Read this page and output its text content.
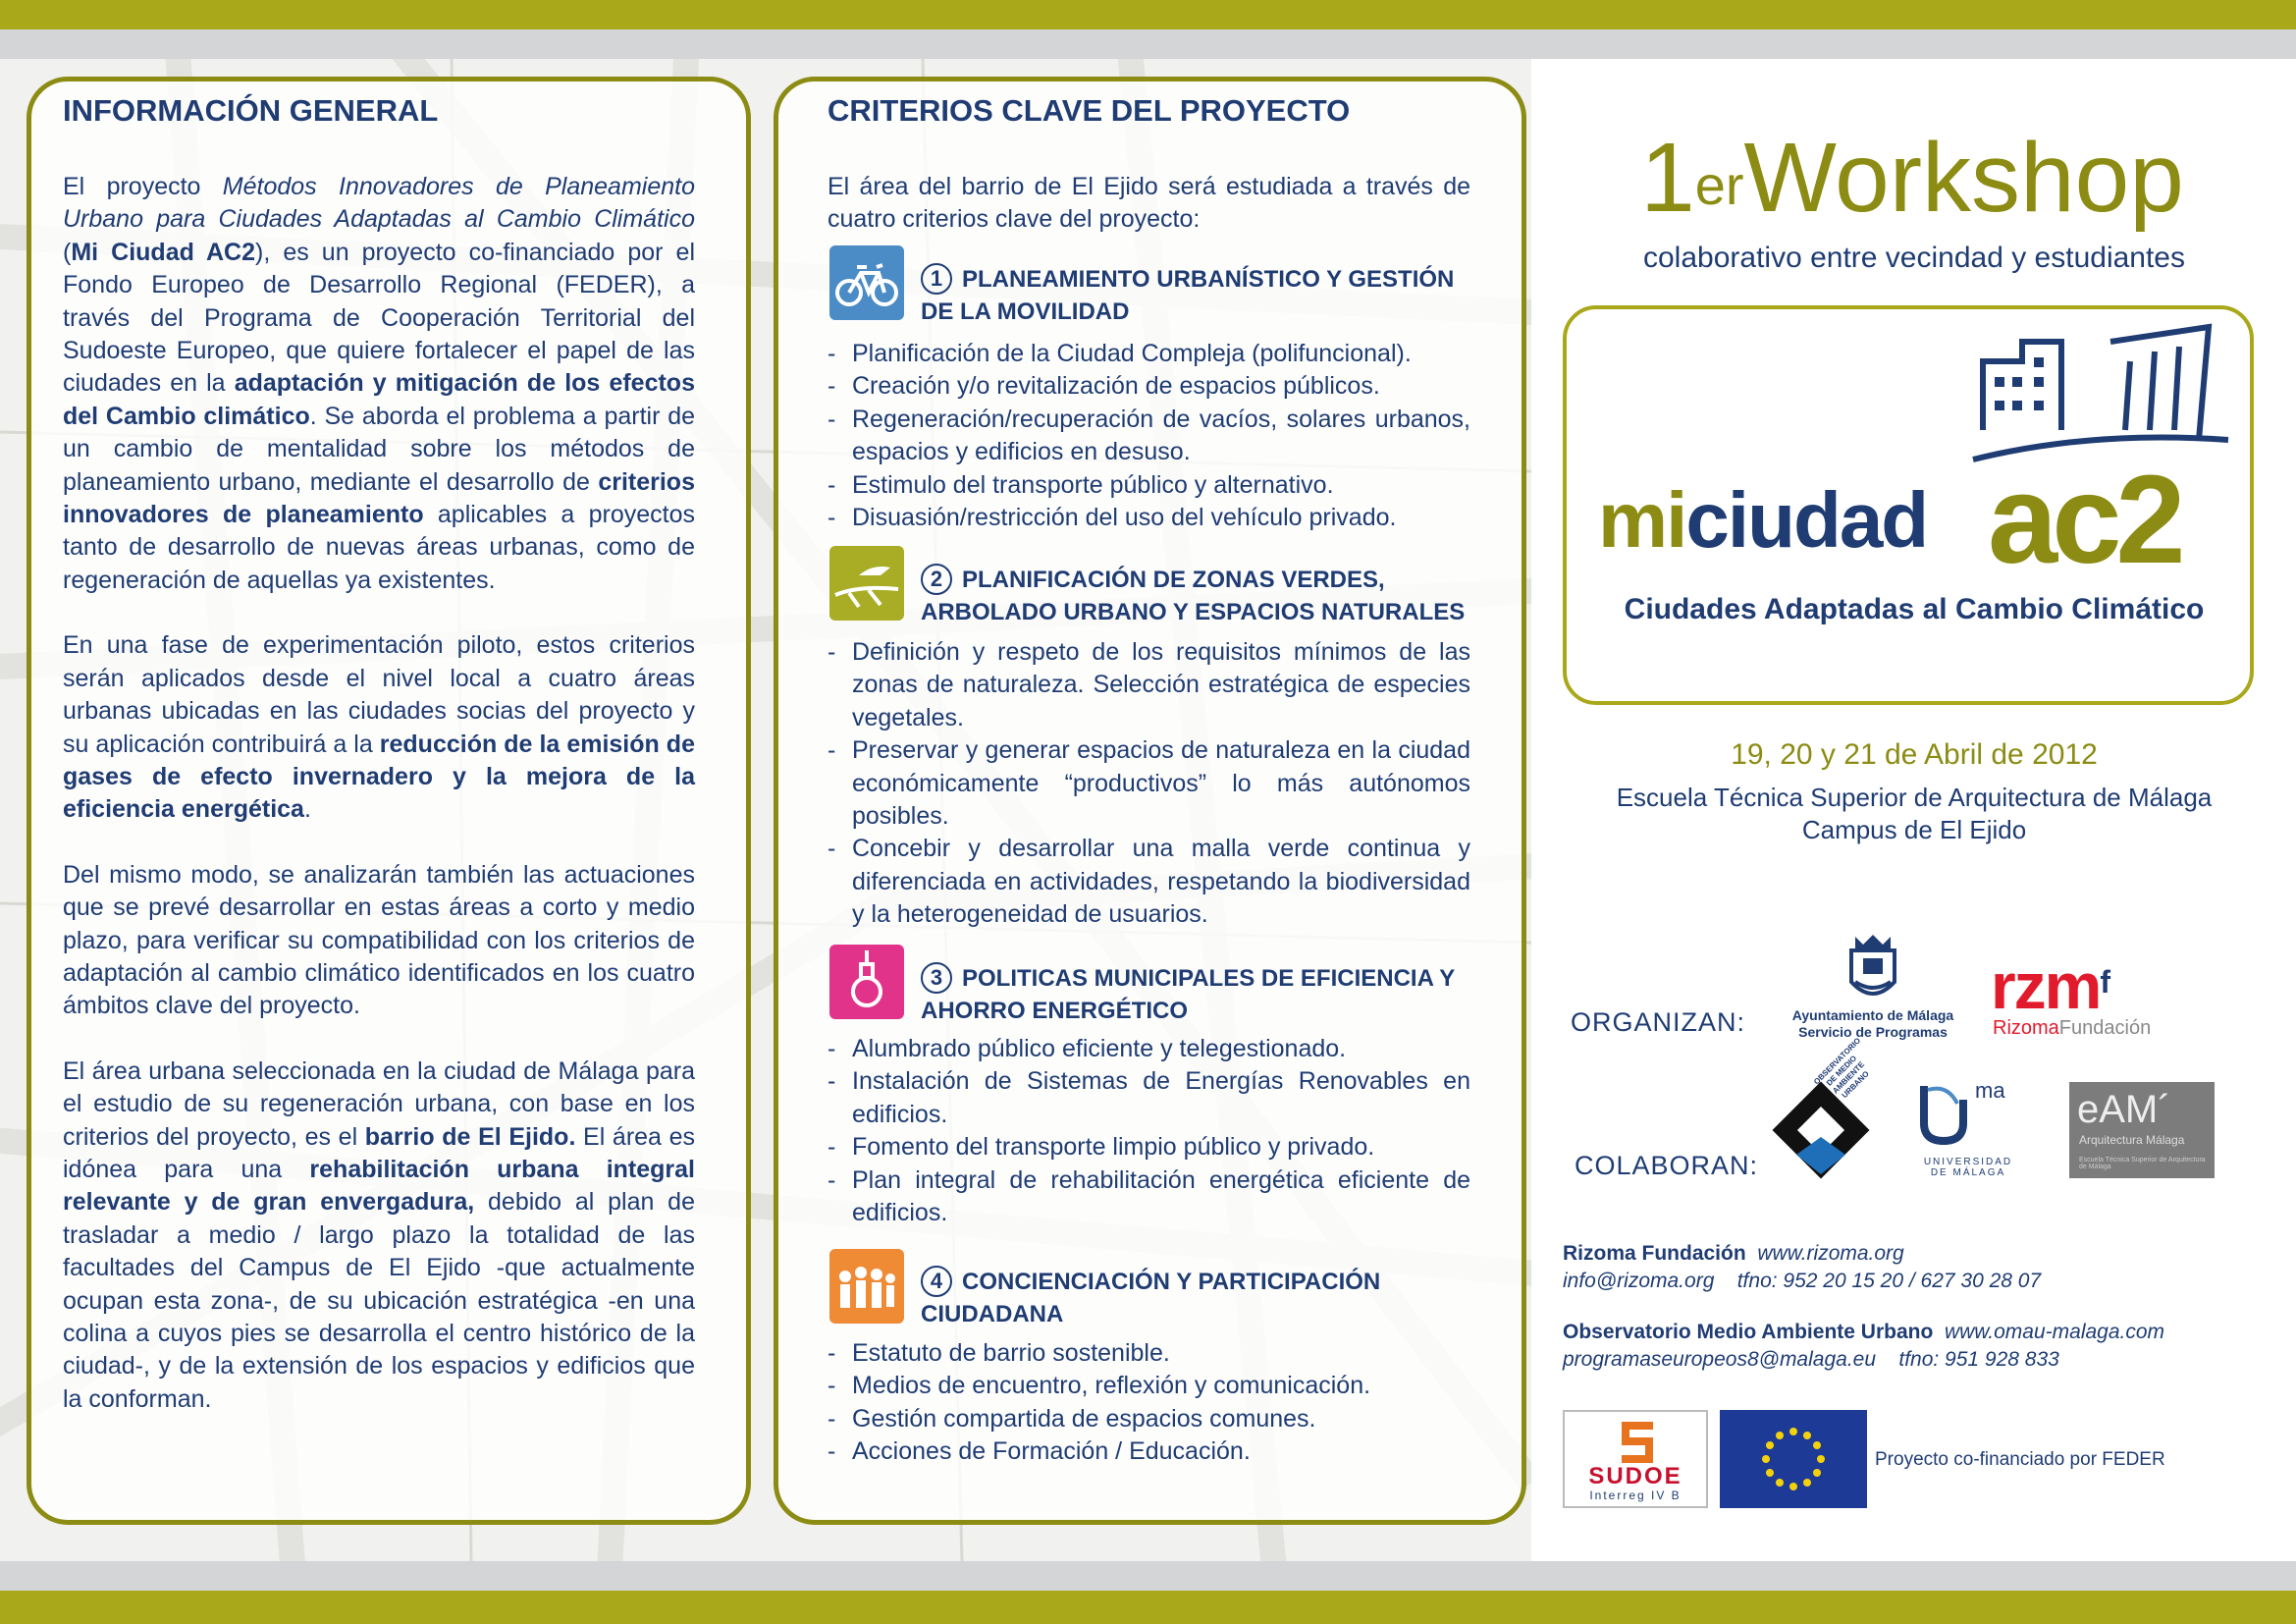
INFORMACIÓN GENERAL

El proyecto Métodos Innovadores de Planeamiento Urbano para Ciudades Adaptadas al Cambio Climático (Mi Ciudad AC2), es un proyecto co-financiado por el Fondo Europeo de Desarrollo Regional (FEDER), a través del Programa de Cooperación Territorial del Sudoeste Europeo, que quiere fortalecer el papel de las ciudades en la adaptación y mitigación de los efectos del Cambio climático. Se aborda el problema a partir de un cambio de mentalidad sobre los métodos de planeamiento urbano, mediante el desarrollo de criterios innovadores de planeamiento aplicables a proyectos tanto de desarrollo de nuevas áreas urbanas, como de regeneración de aquellas ya existentes.

En una fase de experimentación piloto, estos criterios serán aplicados desde el nivel local a cuatro áreas urbanas ubicadas en las ciudades socias del proyecto y su aplicación contribuirá a la reducción de la emisión de gases de efecto invernadero y la mejora de la eficiencia energética.

Del mismo modo, se analizarán también las actuaciones que se prevé desarrollar en estas áreas a corto y medio plazo, para verificar su compatibilidad con los criterios de adaptación al cambio climático identificados en los cuatro ámbitos clave del proyecto.

El área urbana seleccionada en la ciudad de Málaga para el estudio de su regeneración urbana, con base en los criterios del proyecto, es el barrio de El Ejido. El área es idónea para una rehabilitación urbana integral relevante y de gran envergadura, debido al plan de trasladar a medio / largo plazo la totalidad de las facultades del Campus de El Ejido -que actualmente ocupan esta zona-, de su ubicación estratégica -en una colina a cuyos pies se desarrolla el centro histórico de la ciudad-, y de la extensión de los espacios y edificios que la conforman.

CRITERIOS CLAVE DEL PROYECTO

El área del barrio de El Ejido será estudiada a través de cuatro criterios clave del proyecto:

1 PLANEAMIENTO URBANÍSTICO Y GESTIÓN DE LA MOVILIDAD
- Planificación de la Ciudad Compleja (polifuncional).
- Creación y/o revitalización de espacios públicos.
- Regeneración/recuperación de vacíos, solares urbanos, espacios y edificios en desuso.
- Estimulo del transporte público y alternativo.
- Disuasión/restricción del uso del vehículo privado.
2 PLANIFICACIÓN DE ZONAS VERDES, ARBOLADO URBANO Y ESPACIOS NATURALES
- Definición y respeto de los requisitos mínimos de las zonas de naturaleza. Selección estratégica de especies vegetales.
- Preservar y generar espacios de naturaleza en la ciudad económicamente “productivos” lo más autónomos posibles.
- Concebir y desarrollar una malla verde continua y diferenciada en actividades, respetando la biodiversidad y la heterogeneidad de usuarios.
3 POLITICAS MUNICIPALES DE EFICIENCIA Y AHORRO ENERGÉTICO
- Alumbrado público eficiente y telegestionado.
- Instalación de Sistemas de Energías Renovables en edificios.
- Fomento del transporte limpio público y privado.
- Plan integral de rehabilitación energética eficiente de edificios.
4 CONCIENCIACIÓN Y PARTICIPACIÓN CIUDADANA
- Estatuto de barrio sostenible.
- Medios de encuentro, reflexión y comunicación.
- Gestión compartida de espacios comunes.
- Acciones de Formación / Educación.
1erWorkshop
colaborativo entre vecindad y estudiantes
miciudad ac2
Ciudades Adaptadas al Cambio Climático
19, 20 y 21 de Abril de 2012
Escuela Técnica Superior de Arquitectura de Málaga
Campus de El Ejido
ORGANIZAN:	Ayuntamiento de Málaga
Servicio de Programas
rzm$^f$
RizomaFundación
COLABORAN:
OBSERVATORIO DE MEDIO AMBIENTE URBANO	ma
UNIVERSIDAD DE MÁLAGA
eAM´
Arquitectura Málaga
Escuela Técnica Superior de Arquitectura de Málaga
Rizoma Fundación www.rizoma.org
info@rizoma.org tfno: 952 20 15 20 / 627 30 28 07
Observatorio Medio Ambiente Urbano www.omau-malaga.com
programaseuropeos8@malaga.eu tfno: 951 928 833
SUDOE
Interreg IV B
Proyecto co-financiado por FEDER
